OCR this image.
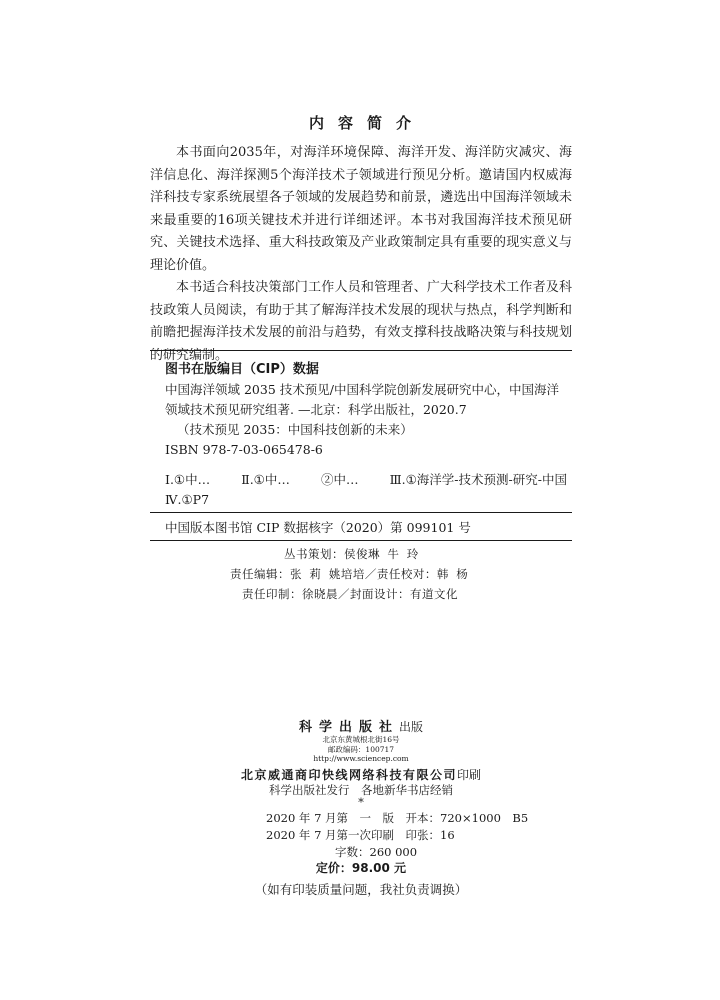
内容简介

本书面向2035年，对海洋环境保障、海洋开发、海洋防灾减灾、海洋信息化、海洋探测5个海洋技术子领域进行预见分析。邀请国内权威海洋科技专家系统展望各子领域的发展趋势和前景，遴选出中国海洋领域未来最重要的16项关键技术并进行详细述评。本书对我国海洋技术预见研究、关键技术选择、重大科技政策及产业政策制定具有重要的现实意义与理论价值。

本书适合科技决策部门工作人员和管理者、广大科学技术工作者及科技政策人员阅读，有助于其了解海洋技术发展的现状与热点，科学判断和前瞻把握海洋技术发展的前沿与趋势，有效支撑科技战略决策与科技规划的研究编制。

图书在版编目（CIP）数据

中国海洋领域 2035 技术预见/中国科学院创新发展研究中心，中国海洋领域技术预见研究组著. —北京：科学出版社，2020.7

（技术预见 2035：中国科技创新的未来）

ISBN 978-7-03-065478-6

Ⅰ.①中… Ⅱ.①中… ②中… Ⅲ.①海洋学-技术预测-研究-中国

Ⅳ.①P7

中国版本图书馆 CIP 数据核字（2020）第 099101 号
丛书策划：侯俊琳 牛 玲
责任编辑：张 莉 姚培培／责任校对：韩 杨
责任印制：徐晓晨／封面设计：有道文化
科学出版社出版
北京东黄城根北街16号
邮政编码：100717
http://www.sciencep.com
北京威通商印快线网络科技有限公司印刷
科学出版社发行　各地新华书店经销
*
2020 年 7 月第　一　版　开本：720×1000　B5
2020 年 7 月第一次印刷　印张：16
字数：260 000
定价：98.00 元
（如有印装质量问题，我社负责调换）
